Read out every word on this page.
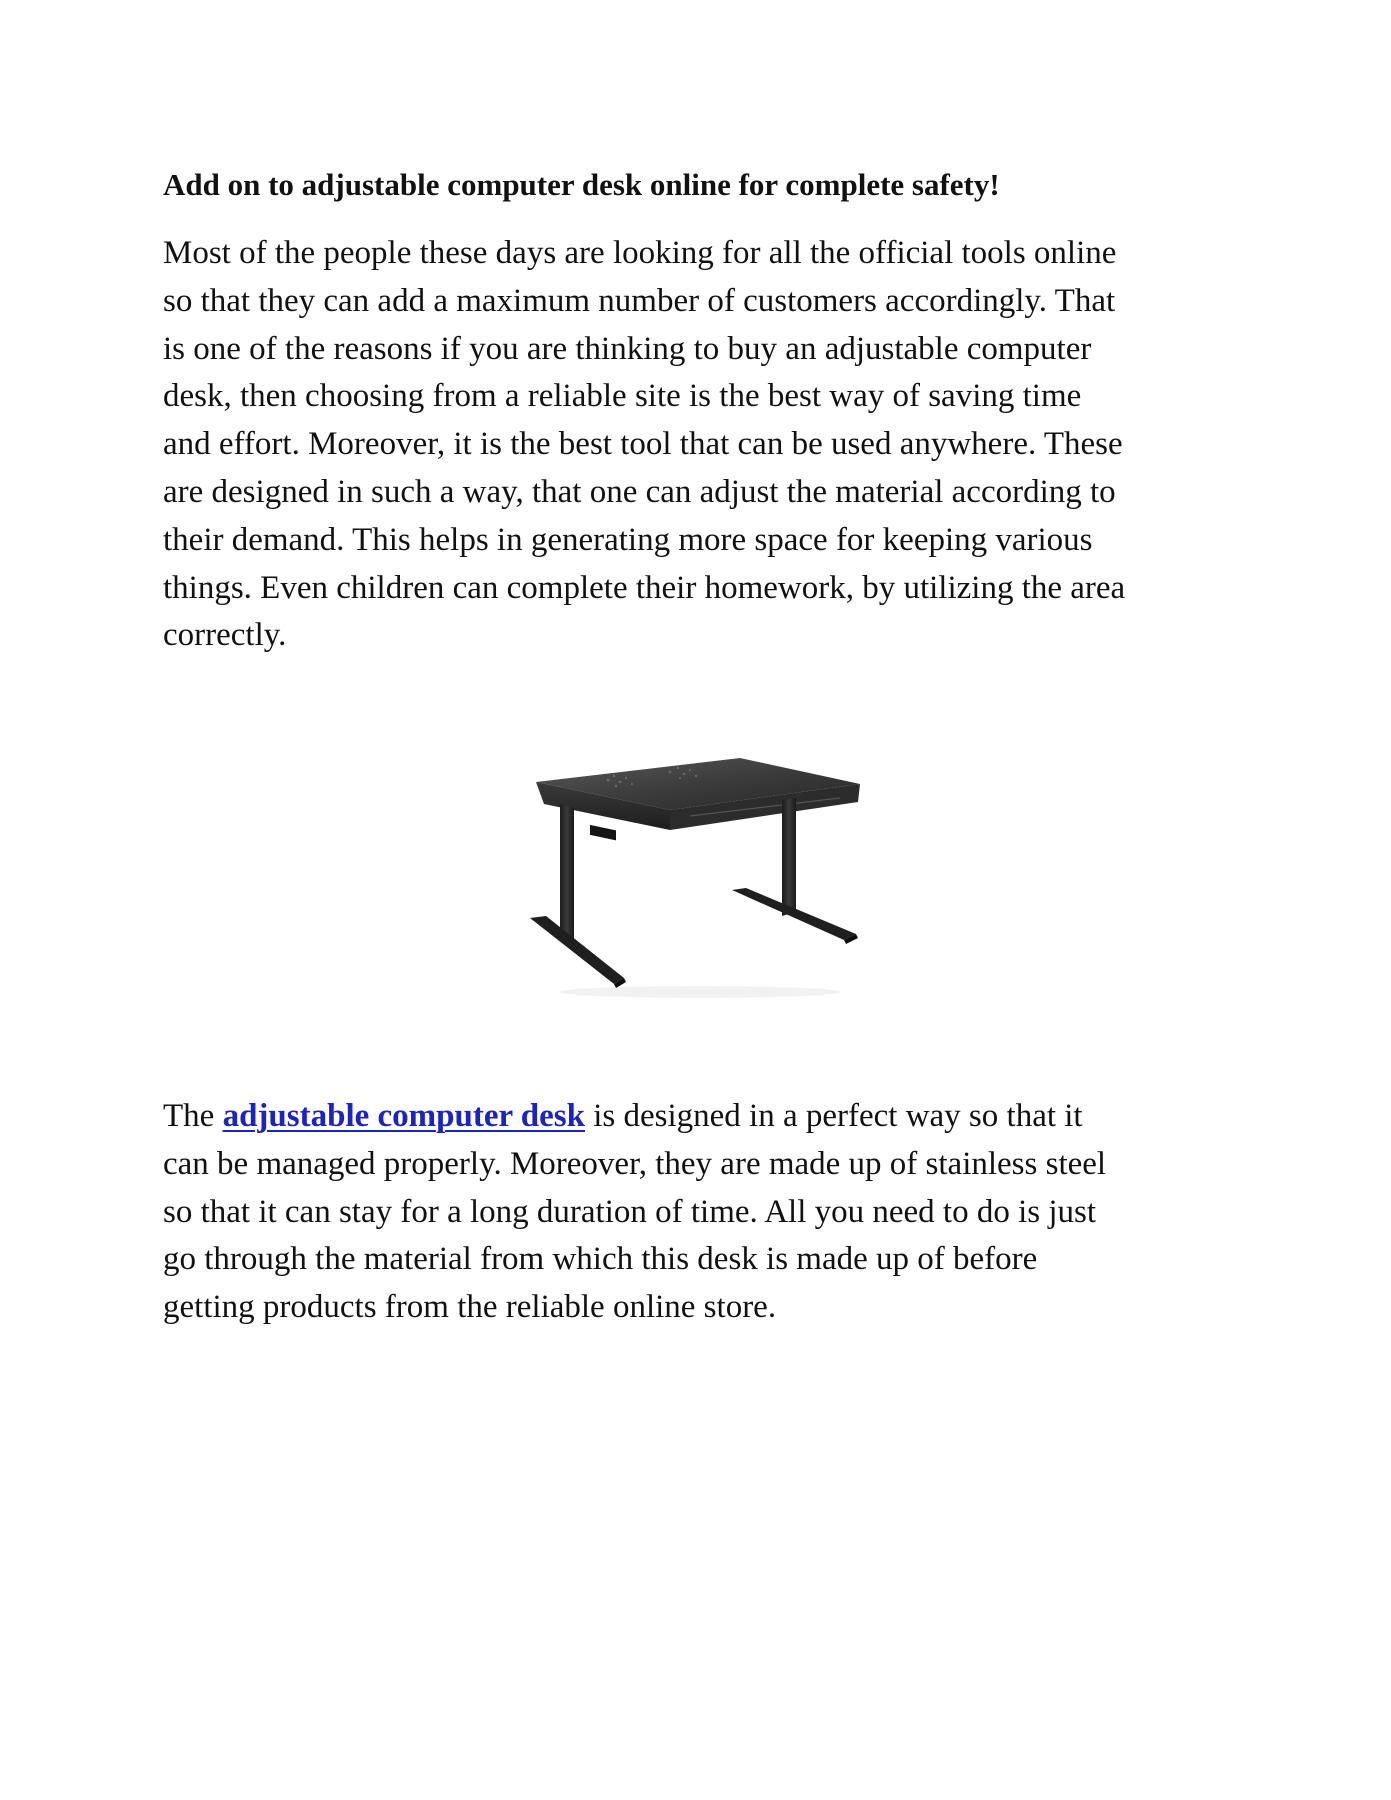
Add on to adjustable computer desk online for complete safety!

Most of the people these days are looking for all the official tools online
so that they can add a maximum number of customers accordingly. That
is one of the reasons if you are thinking to buy an adjustable computer
desk, then choosing from a reliable site is the best way of saving time
and effort. Moreover, it is the best tool that can be used anywhere. These
are designed in such a way, that one can adjust the material according to
their demand. This helps in generating more space for keeping various
things. Even children can complete their homework, by utilizing the area
correctly.

The adjustable computer desk is designed in a perfect way so that it
can be managed properly. Moreover, they are made up of stainless steel
so that it can stay for a long duration of time. All you need to do is just
go through the material from which this desk is made up of before
getting products from the reliable online store.
